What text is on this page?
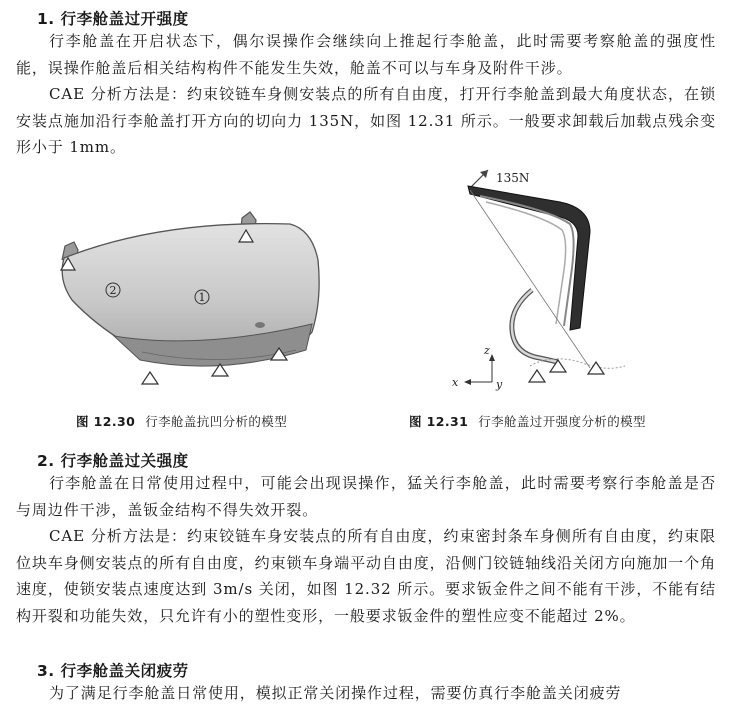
1. 行李舱盖过开强度

行李舱盖在开启状态下，偶尔误操作会继续向上推起行李舱盖，此时需要考察舱盖的强度性能，误操作舱盖后相关结构构件不能发生失效，舱盖不可以与车身及附件干涉。

CAE 分析方法是：约束铰链车身侧安装点的所有自由度，打开行李舱盖到最大角度状态，在锁安装点施加沿行李舱盖打开方向的切向力 135N，如图 12.31 所示。一般要求卸载后加载点残余变形小于 1mm。

2
1
135N
z
x	y
图 12.30 行李舱盖抗凹分析的模型	图 12.31 行李舱盖过开强度分析的模型
2. 行李舱盖过关强度

行李舱盖在日常使用过程中，可能会出现误操作，猛关行李舱盖，此时需要考察行李舱盖是否与周边件干涉，盖钣金结构不得失效开裂。

CAE 分析方法是：约束铰链车身安装点的所有自由度，约束密封条车身侧所有自由度，约束限位块车身侧安装点的所有自由度，约束锁车身端平动自由度，沿侧门铰链轴线沿关闭方向施加一个角速度，使锁安装点速度达到 3m/s 关闭，如图 12.32 所示。要求钣金件之间不能有干涉，不能有结构开裂和功能失效，只允许有小的塑性变形，一般要求钣金件的塑性应变不能超过 2%。

3. 行李舱盖关闭疲劳

为了满足行李舱盖日常使用，模拟正常关闭操作过程，需要仿真行李舱盖关闭疲劳
